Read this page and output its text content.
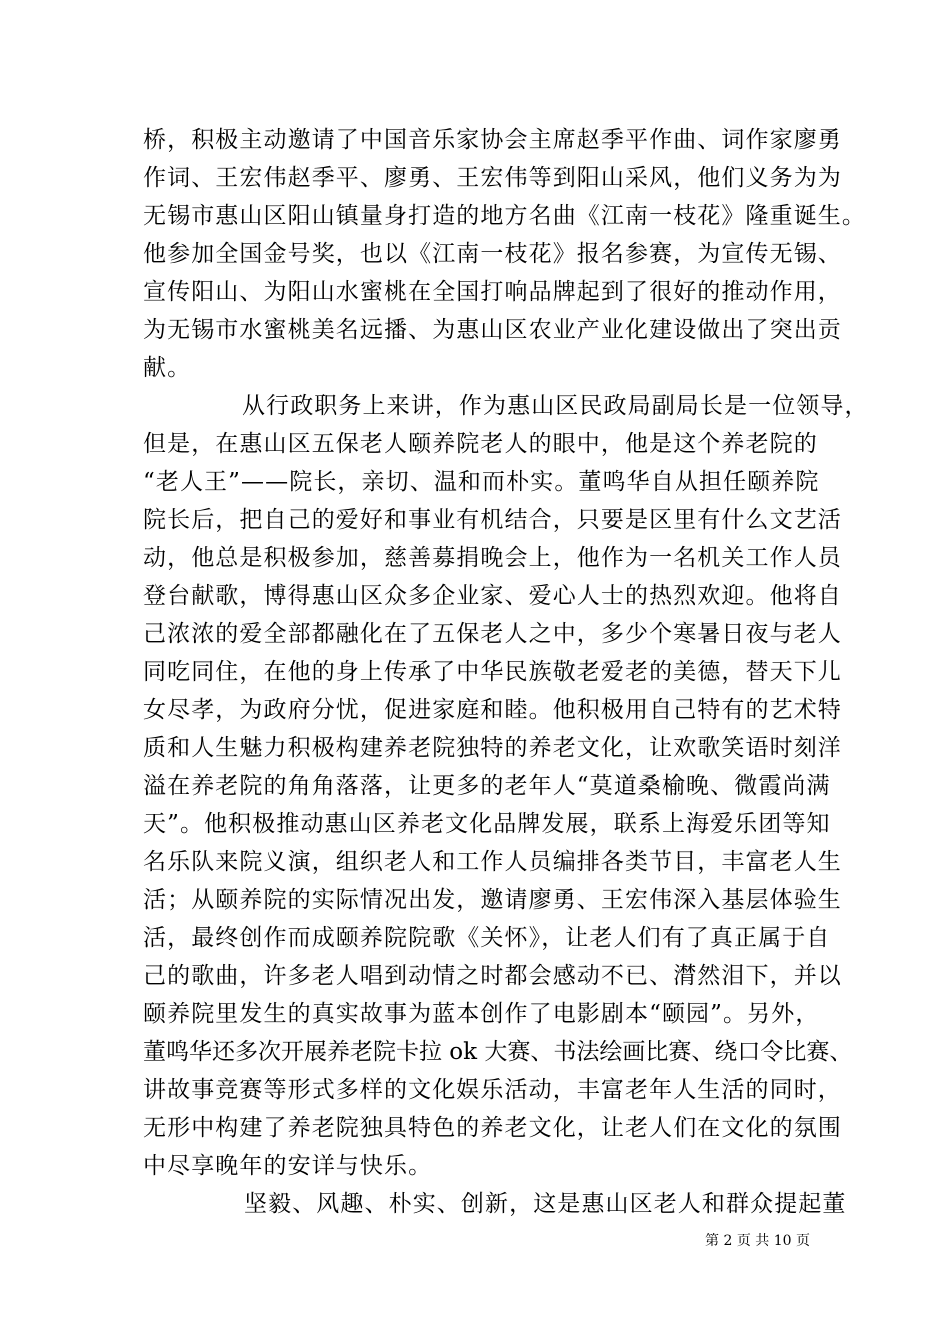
桥，积极主动邀请了中国音乐家协会主席赵季平作曲、词作家廖勇
作词、王宏伟赵季平、廖勇、王宏伟等到阳山采风，他们义务为为
无锡市惠山区阳山镇量身打造的地方名曲《江南一枝花》隆重诞生。
他参加全国金号奖，也以《江南一枝花》报名参赛，为宣传无锡、
宣传阳山、为阳山水蜜桃在全国打响品牌起到了很好的推动作用，
为无锡市水蜜桃美名远播、为惠山区农业产业化建设做出了突出贡
献。
从行政职务上来讲，作为惠山区民政局副局长是一位领导，
但是，在惠山区五保老人颐养院老人的眼中，他是这个养老院的
“老人王”——院长，亲切、温和而朴实。董鸣华自从担任颐养院
院长后，把自己的爱好和事业有机结合，只要是区里有什么文艺活
动，他总是积极参加，慈善募捐晚会上，他作为一名机关工作人员
登台献歌，博得惠山区众多企业家、爱心人士的热烈欢迎。他将自
己浓浓的爱全部都融化在了五保老人之中，多少个寒暑日夜与老人
同吃同住，在他的身上传承了中华民族敬老爱老的美德，替天下儿
女尽孝，为政府分忧，促进家庭和睦。他积极用自己特有的艺术特
质和人生魅力积极构建养老院独特的养老文化，让欢歌笑语时刻洋
溢在养老院的角角落落，让更多的老年人“莫道桑榆晚、微霞尚满
天”。他积极推动惠山区养老文化品牌发展，联系上海爱乐团等知
名乐队来院义演，组织老人和工作人员编排各类节目，丰富老人生
活；从颐养院的实际情况出发，邀请廖勇、王宏伟深入基层体验生
活，最终创作而成颐养院院歌《关怀》，让老人们有了真正属于自
己的歌曲，许多老人唱到动情之时都会感动不已、潸然泪下，并以
颐养院里发生的真实故事为蓝本创作了电影剧本“颐园”。另外，
董鸣华还多次开展养老院卡拉 ok 大赛、书法绘画比赛、绕口令比赛、
讲故事竞赛等形式多样的文化娱乐活动，丰富老年人生活的同时，
无形中构建了养老院独具特色的养老文化，让老人们在文化的氛围
中尽享晚年的安详与快乐。
坚毅、风趣、朴实、创新，这是惠山区老人和群众提起董
第 2 页 共 10 页
